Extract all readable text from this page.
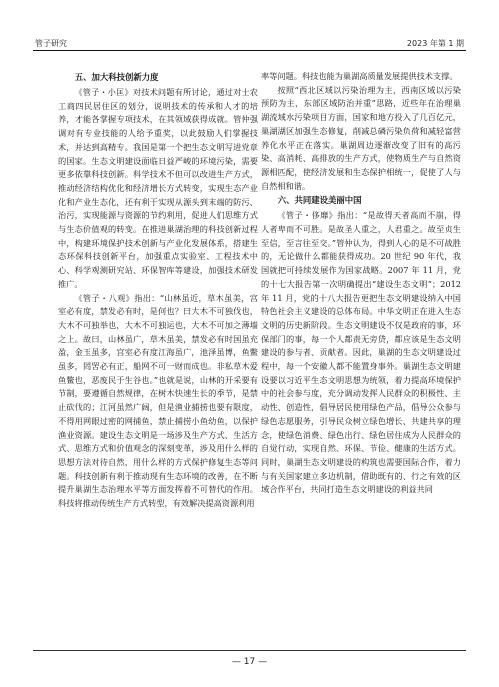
管子研究	2023 年第 1 期
五、加大科技创新力度

《管子・小匡》对技术问题有所讨论，通过对士农工商四民居住区的划分，说明技术的传承和人才的培养，才能各掌握专项技术，在其领域获得成就。管仲强调对有专业技能的人给予重奖，以此鼓励人们掌握技术，并达到高精专。我国是第一个把生态文明写进党章的国家。生态文明建设面临日益严峻的环境污染，需要更多依靠科技创新。科学技术不但可以改进生产方式，推动经济结构优化和经济增长方式转变，实现生态产业化和产业生态化，还有利于实现从源头到末端的防污、治污，实现能源与资源的节约利用，促进人们思维方式与生态价值观的转变。在推进巢湖治理的科技创新过程中，构建环境保护技术创新与产业化发展体系，搭建生态环保科技创新平台，加强重点实验室、工程技术中心、科学观测研究站、环保智库等建设，加强技术研发推广。

《管子・八观》指出：“山林虽近，草木虽美，宫室必有度，禁发必有时，是何也？曰大木不可独伐也，大木不可独举也，大木不可独运也，大木不可加之薄墙之上。故曰，山林虽广，草木虽美，禁发必有时国虽充盈，金玉虽多，宫室必有度江海虽广，池泽虽博，鱼鳖虽多，罔罟必有正，船网不可一财而成也。非私草木爱鱼鳖也，恶废民于生谷也。”也就是说，山林的开采要有节制，要遵循自然规律，在树木快速生长的季节，是禁止砍伐的；江河虽然广阔，但是渔业捕捞也要有限度，不得用网眼过密的网捕鱼，禁止捕捞小鱼幼鱼，以保护渔业资源。建设生态文明是一场涉及生产方式、生活方式、思维方式和价值观念的深刻变革，涉及用什么样的思想方法对待自然，用什么样的方式保护修复生态等问题。科技创新有利于推动现有生态环境的改善，在不断提升巢湖生态治理水平等方面发挥着不可替代的作用。科技将推动传统生产方式转型，有效解决提高资源利用

率等问题。科技也能为巢湖高质量发展提供技术支撑。

按照“西北区域以污染治理为主，西南区域以污染预防为主，东部区域防治并重”思路，近些年在治理巢湖流域水污染项目方面，国家和地方投入了几百亿元，巢湖湖区加强生态修复，削减总磷污染负荷和减轻富营养化水平正在落实。巢湖周边逐渐改变了旧有的高污染、高消耗、高排放的生产方式，使物质生产与自然资源相匹配，使经济发展和生态保护相统一，促使了人与自然相和谐。

六、共同建设美丽中国

《管子・侈靡》指出：“是故得天者高而不崩，得人者卑而不可胜。是故圣人重之，人君重之。故至贞生至信，至言往至交。”管仲认为，得到人心的是不可战胜的，无论做什么都能获得成功。20 世纪 90 年代，我国就把可持续发展作为国家战略。2007 年 11 月，党的十七大报告第一次明确提出“建设生态文明”；2012 年 11 月，党的十八大报告更把生态文明建设纳入中国特色社会主义建设的总体布局。中华文明正在进入生态文明的历史新阶段。生态文明建设不仅是政府的事，环保部门的事，每一个人都责无旁贷，都应该是生态文明建设的参与者、贡献者。因此，巢湖的生态文明建设过程中，每一个安徽人都不能置身事外。巢湖生态文明建设要以习近平生态文明思想为统领，着力提高环境保护中的社会参与度，充分调动发挥人民群众的积极性、主动性、创造性，倡导居民使用绿色产品，倡导公众参与绿色志愿服务，引导民众树立绿色增长、共建共享的理念，使绿色消费、绿色出行、绿色居住成为人民群众的自觉行动，实现自然、环保、节俭、健康的生活方式。同时，巢湖生态文明建设的构筑也需要国际合作，着力与有关国家建立多边机制，借助既有的、行之有效的区域合作平台，共同打造生态文明建设的利益共同

— 17 —
